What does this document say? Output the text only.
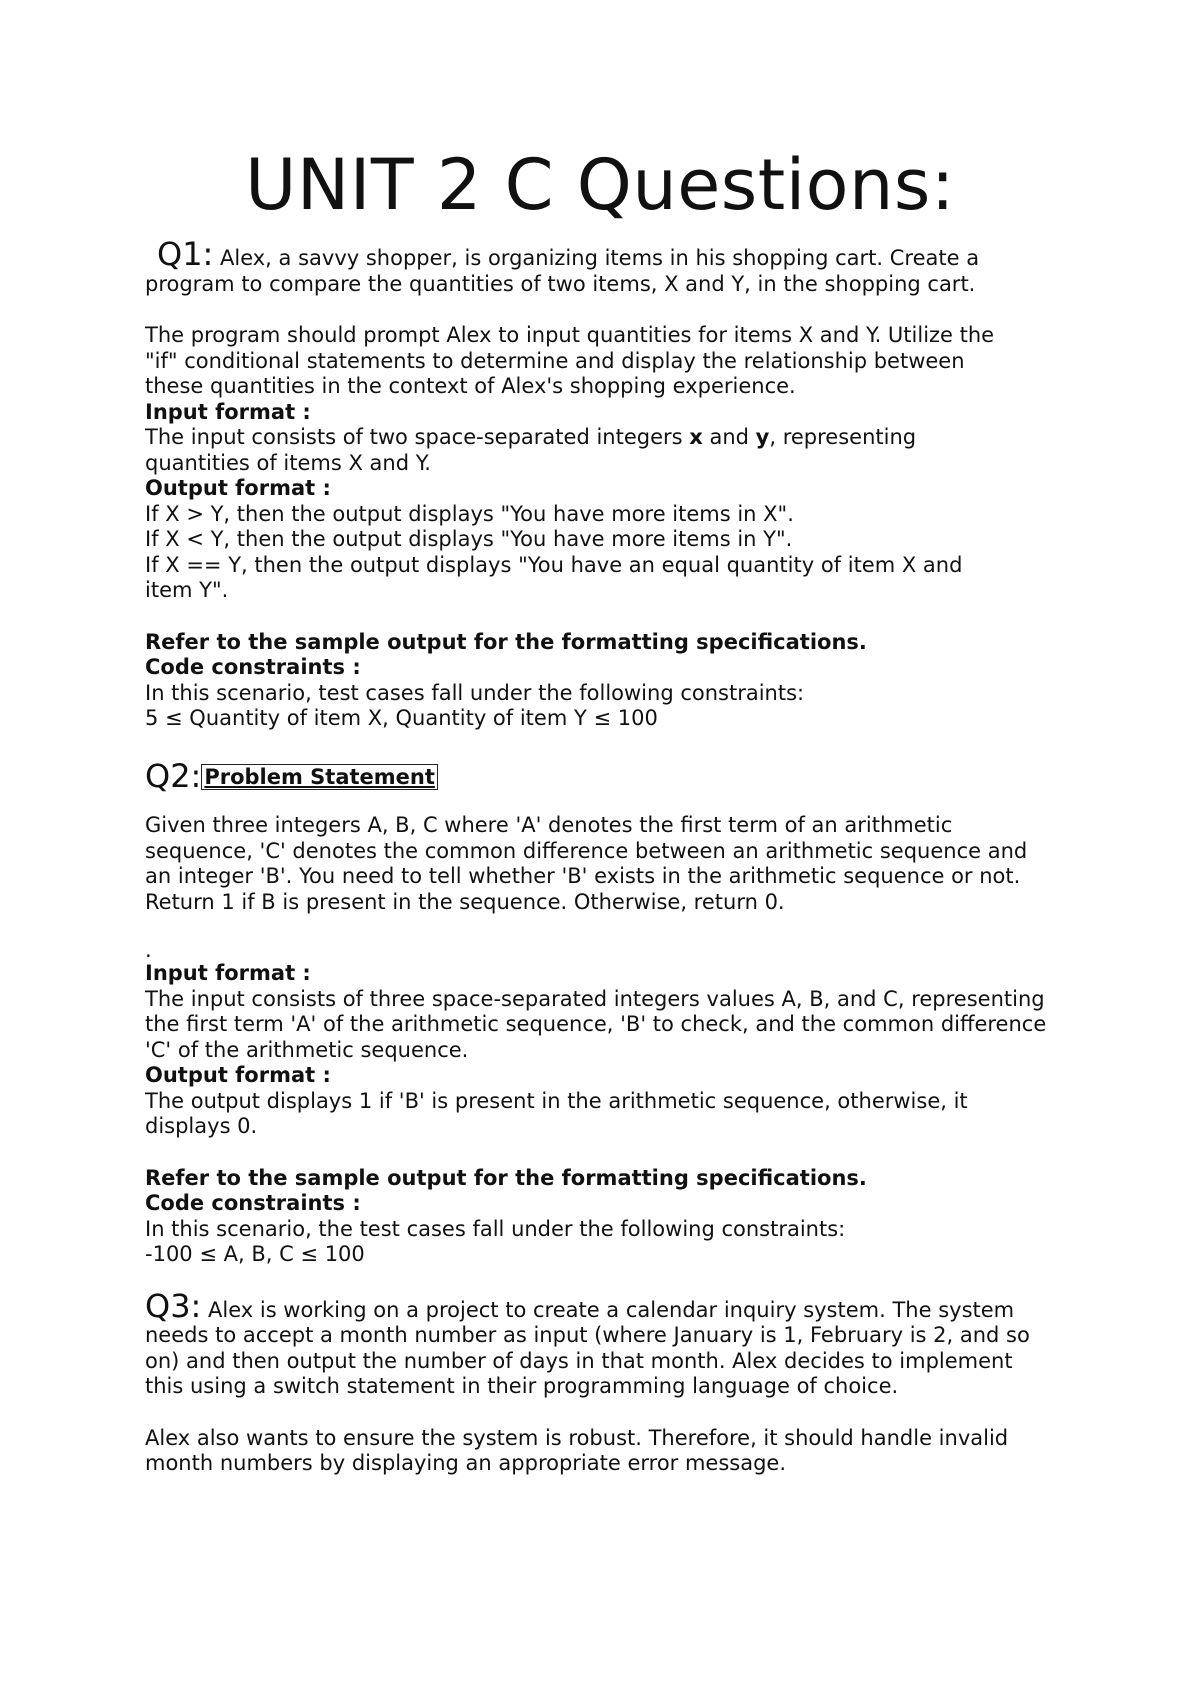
UNIT 2 C Questions:
Q1: Alex, a savvy shopper, is organizing items in his shopping cart. Create a
program to compare the quantities of two items, X and Y, in the shopping cart.
The program should prompt Alex to input quantities for items X and Y. Utilize the
"if" conditional statements to determine and display the relationship between
these quantities in the context of Alex's shopping experience.
Input format :
The input consists of two space-separated integers x and y, representing
quantities of items X and Y.
Output format :
If X > Y, then the output displays "You have more items in X".
If X < Y, then the output displays "You have more items in Y".
If X == Y, then the output displays "You have an equal quantity of item X and
item Y".
Refer to the sample output for the formatting specifications.
Code constraints :
In this scenario, test cases fall under the following constraints:
5 ≤ Quantity of item X, Quantity of item Y ≤ 100
Q2: Problem Statement
Given three integers A, B, C where 'A' denotes the first term of an arithmetic
sequence, 'C' denotes the common difference between an arithmetic sequence and
an integer 'B'. You need to tell whether 'B' exists in the arithmetic sequence or not.
Return 1 if B is present in the sequence. Otherwise, return 0.
.
Input format :
The input consists of three space-separated integers values A, B, and C, representing
the first term 'A' of the arithmetic sequence, 'B' to check, and the common difference
'C' of the arithmetic sequence.
Output format :
The output displays 1 if 'B' is present in the arithmetic sequence, otherwise, it
displays 0.
Refer to the sample output for the formatting specifications.
Code constraints :
In this scenario, the test cases fall under the following constraints:
-100 ≤ A, B, C ≤ 100
Q3: Alex is working on a project to create a calendar inquiry system. The system
needs to accept a month number as input (where January is 1, February is 2, and so
on) and then output the number of days in that month. Alex decides to implement
this using a switch statement in their programming language of choice.
Alex also wants to ensure the system is robust. Therefore, it should handle invalid
month numbers by displaying an appropriate error message.
